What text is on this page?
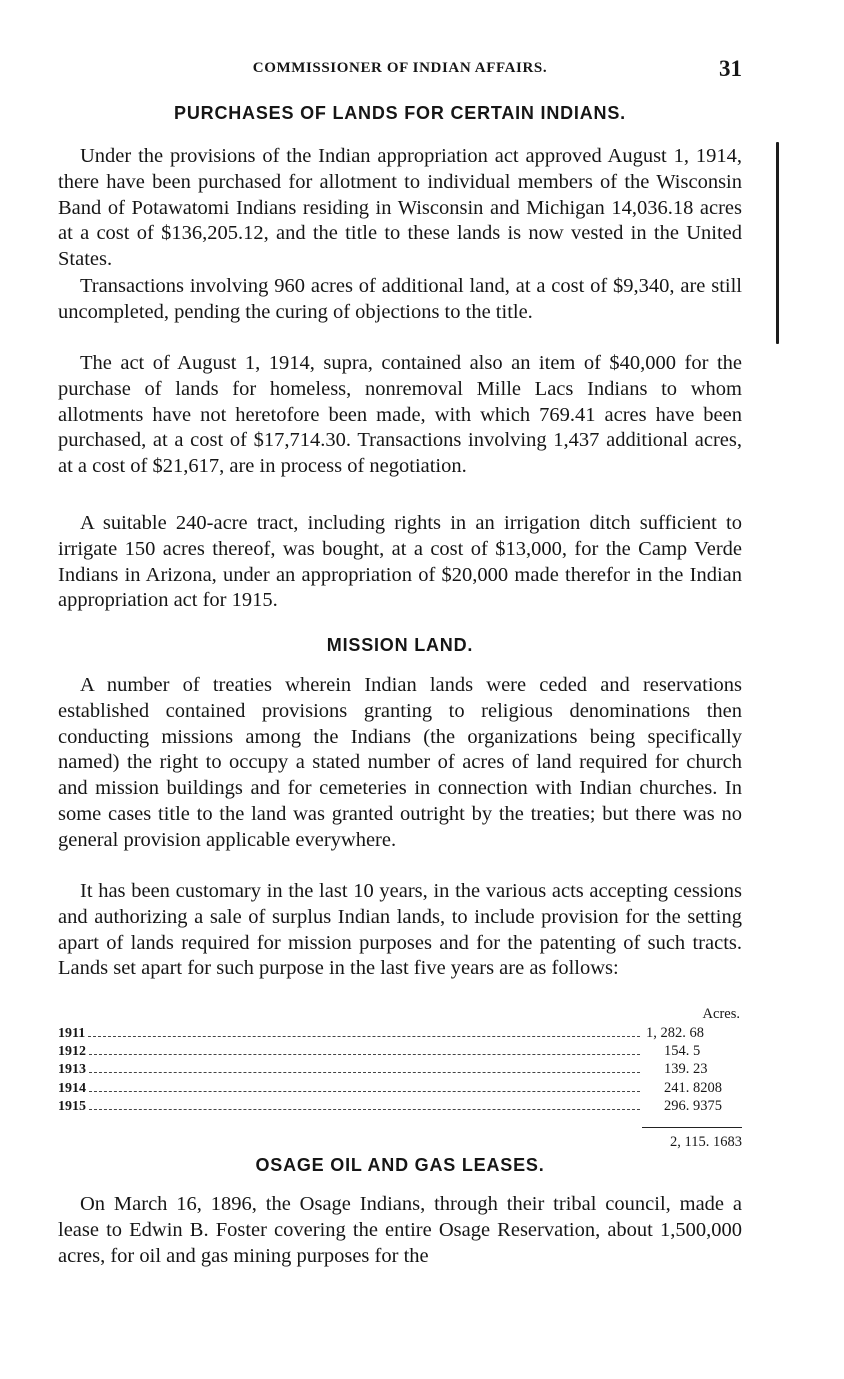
COMMISSIONER OF INDIAN AFFAIRS.	31
PURCHASES OF LANDS FOR CERTAIN INDIANS.

Under the provisions of the Indian appropriation act approved August 1, 1914, there have been purchased for allotment to individual members of the Wisconsin Band of Potawatomi Indians residing in Wisconsin and Michigan 14,036.18 acres at a cost of $136,205.12, and the title to these lands is now vested in the United States.

Transactions involving 960 acres of additional land, at a cost of $9,340, are still uncompleted, pending the curing of objections to the title.

The act of August 1, 1914, supra, contained also an item of $40,000 for the purchase of lands for homeless, nonremoval Mille Lacs Indians to whom allotments have not heretofore been made, with which 769.41 acres have been purchased, at a cost of $17,714.30. Transactions involving 1,437 additional acres, at a cost of $21,617, are in process of negotiation.

A suitable 240-acre tract, including rights in an irrigation ditch sufficient to irrigate 150 acres thereof, was bought, at a cost of $13,000, for the Camp Verde Indians in Arizona, under an appropriation of $20,000 made therefor in the Indian appropriation act for 1915.

MISSION LAND.

A number of treaties wherein Indian lands were ceded and reservations established contained provisions granting to religious denominations then conducting missions among the Indians (the organizations being specifically named) the right to occupy a stated number of acres of land required for church and mission buildings and for cemeteries in connection with Indian churches. In some cases title to the land was granted outright by the treaties; but there was no general provision applicable everywhere.

It has been customary in the last 10 years, in the various acts accepting cessions and authorizing a sale of surplus Indian lands, to include provision for the setting apart of lands required for mission purposes and for the patenting of such tracts. Lands set apart for such purpose in the last five years are as follows:

Acres.
1911	1, 282. 68
1912	154. 5
1913	139. 23
1914	241. 8208
1915	296. 9375
2, 115. 1683
OSAGE OIL AND GAS LEASES.

On March 16, 1896, the Osage Indians, through their tribal council, made a lease to Edwin B. Foster covering the entire Osage Reservation, about 1,500,000 acres, for oil and gas mining purposes for the
